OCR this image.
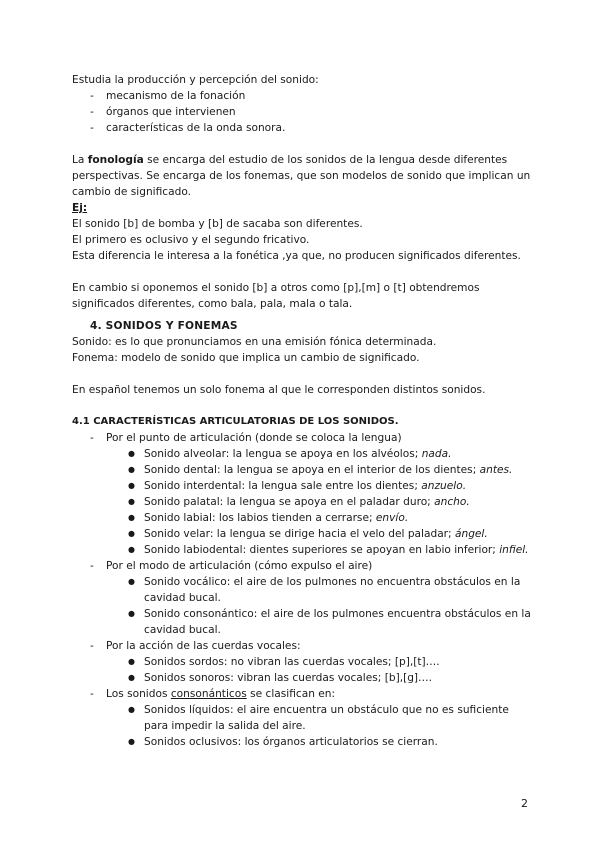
Estudia la producción y percepción del sonido:

- mecanismo de la fonación
- órganos que intervienen
- características de la onda sonora.

La fonología se encarga del estudio de los sonidos de la lengua desde diferentes perspectivas. Se encarga de los fonemas, que son modelos de sonido que implican un cambio de significado.

Ej:

El sonido [b] de bomba y [b] de sacaba son diferentes.

El primero es oclusivo y el segundo fricativo.

Esta diferencia le interesa a la fonética ,ya que, no producen significados diferentes.

En cambio si oponemos el sonido [b] a otros como [p],[m] o [t] obtendremos significados diferentes, como bala, pala, mala o tala.

4. SONIDOS Y FONEMAS

Sonido: es lo que pronunciamos en una emisión fónica determinada.

Fonema: modelo de sonido que implica un cambio de significado.

En español tenemos un solo fonema al que le corresponden distintos sonidos.

4.1 CARACTERÍSTICAS ARTICULATORIAS DE LOS SONIDOS.

- Por el punto de articulación (donde se coloca la lengua)
● Sonido alveolar: la lengua se apoya en los alvéolos; nada.
● Sonido dental: la lengua se apoya en el interior de los dientes; antes.
● Sonido interdental: la lengua sale entre los dientes; anzuelo.
● Sonido palatal: la lengua se apoya en el paladar duro; ancho.
● Sonido labial: los labios tienden a cerrarse; envío.
● Sonido velar: la lengua se dirige hacia el velo del paladar; ángel.
● Sonido labiodental: dientes superiores se apoyan en labio inferior; infiel.
- Por el modo de articulación (cómo expulso el aire)
● Sonido vocálico: el aire de los pulmones no encuentra obstáculos en la cavidad bucal.
● Sonido consonántico: el aire de los pulmones encuentra obstáculos en la cavidad bucal.
- Por la acción de las cuerdas vocales:
● Sonidos sordos: no vibran las cuerdas vocales; [p],[t]….
● Sonidos sonoros: vibran las cuerdas vocales; [b],[g]….
- Los sonidos consonánticos se clasifican en:
● Sonidos líquidos: el aire encuentra un obstáculo que no es suficiente para impedir la salida del aire.
● Sonidos oclusivos: los órganos articulatorios se cierran.
2
